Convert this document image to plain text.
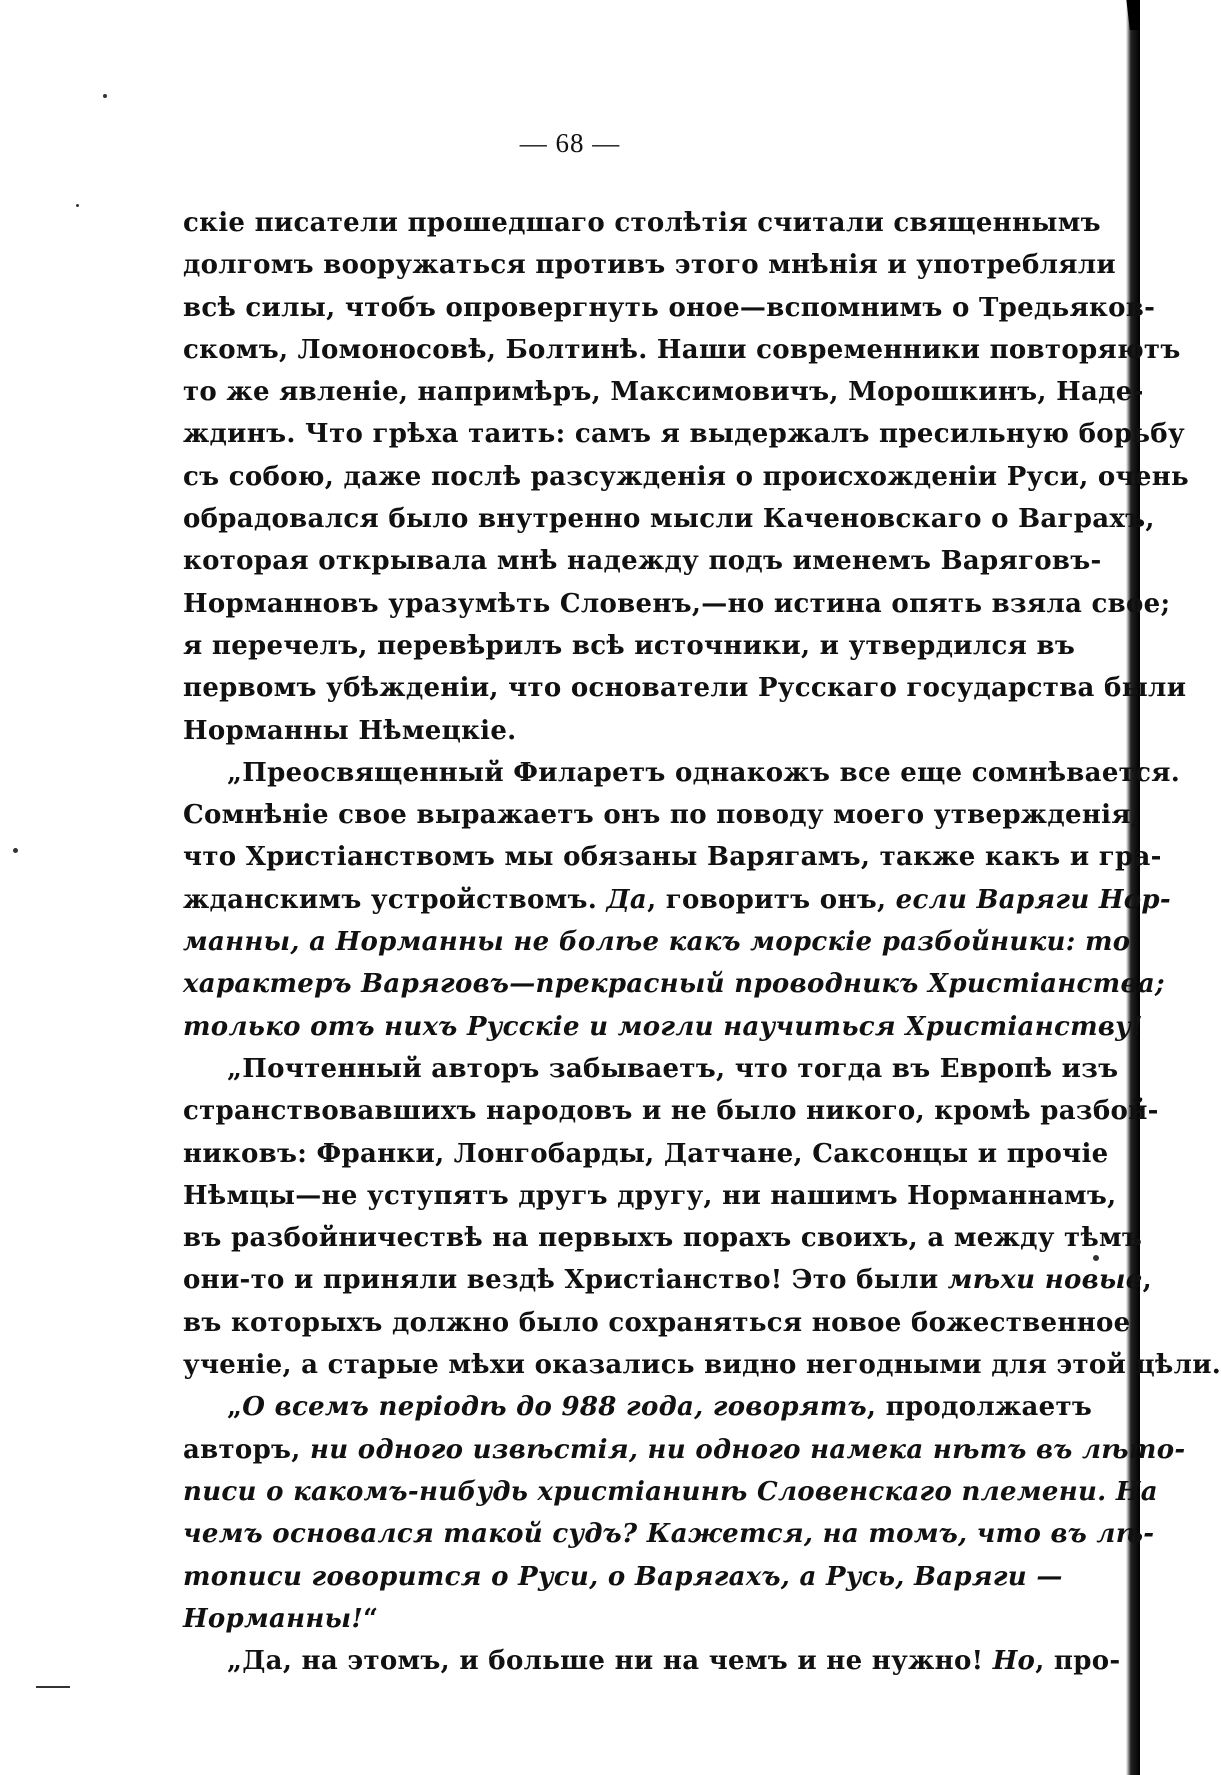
— 68 —
скіе писатели прошедшаго столѣтія считали священнымъ
долгомъ вооружаться противъ этого мнѣнія и употребляли
всѣ силы, чтобъ опровергнуть оное—вспомнимъ о Тредьяков-
скомъ, Ломоносовѣ, Болтинѣ. Наши современники повторяютъ
то же явленіе, напримѣръ, Максимовичъ, Морошкинъ, Наде-
ждинъ. Что грѣха таить: самъ я выдержалъ пресильную борьбу
съ собою, даже послѣ разсужденія о происхожденіи Руси, очень
обрадовался было внутренно мысли Каченовскаго о Ваграхъ,
которая открывала мнѣ надежду подъ именемъ Варяговъ-
Норманновъ уразумѣть Словенъ,—но истина опять взяла свое;
я перечелъ, перевѣрилъ всѣ источники, и утвердился въ
первомъ убѣжденіи, что основатели Русскаго государства были
Норманны Нѣмецкіе.
„Преосвященный Филаретъ однакожъ все еще сомнѣвается.
Сомнѣніе свое выражаетъ онъ по поводу моего утвержденія,
что Христіанствомъ мы обязаны Варягамъ, также какъ и гра-
жданскимъ устройствомъ. Да, говоритъ онъ, если Варяги Нор-
манны, а Норманны не болѣе какъ морскіе разбойники: то
характеръ Варяговъ—прекрасный проводникъ Христіанства;
только отъ нихъ Русскіе и могли научиться Христіанству!
„Почтенный авторъ забываетъ, что тогда въ Европѣ изъ
странствовавшихъ народовъ и не было никого, кромѣ разбой-
никовъ: Франки, Лонгобарды, Датчане, Саксонцы и прочіе
Нѣмцы—не уступятъ другъ другу, ни нашимъ Норманнамъ,
въ разбойничествѣ на первыхъ порахъ своихъ, а между тѣмъ
они-то и приняли вездѣ Христіанство! Это были мѣхи новые,
въ которыхъ должно было сохраняться новое божественное
ученіе, а старые мѣхи оказались видно негодными для этой цѣли.
„О всемъ періодѣ до 988 года, говорятъ, продолжаетъ
авторъ, ни одного извѣстія, ни одного намека нѣтъ въ лѣто-
писи о какомъ-нибудь христіанинѣ Словенскаго племени. На
чемъ основался такой судъ? Кажется, на томъ, что въ лѣ-
тописи говорится о Руси, о Варягахъ, а Русь, Варяги —
Норманны!“
„Да, на этомъ, и больше ни на чемъ и не нужно! Но, про-
